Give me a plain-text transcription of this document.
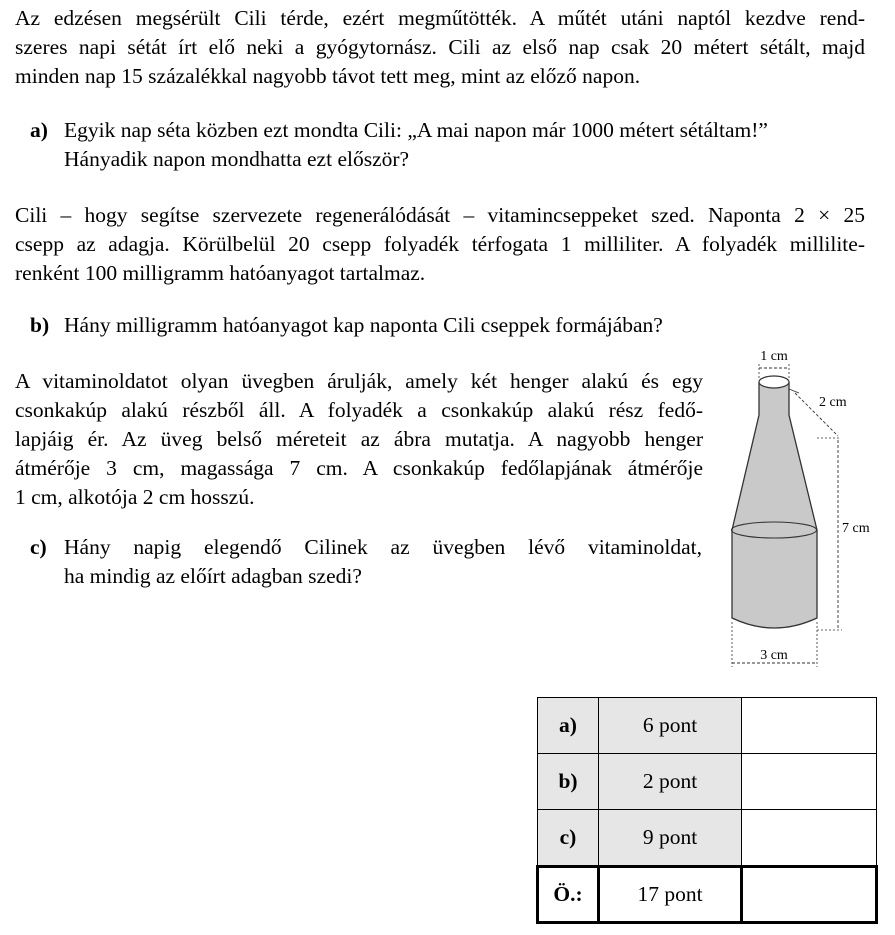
Az edzésen megsérült Cili térde, ezért megműtötték. A műtét utáni naptól kezdve rend-
szeres napi sétát írt elő neki a gyógytornász. Cili az első nap csak 20 métert sétált, majd
minden nap 15 százalékkal nagyobb távot tett meg, mint az előző napon.
a) Egyik nap séta közben ezt mondta Cili: „A mai napon már 1000 métert sétáltam!”
Hányadik napon mondhatta ezt először?
Cili – hogy segítse szervezete regenerálódását – vitamincseppeket szed. Naponta 2 × 25
csepp az adagja. Körülbelül 20 csepp folyadék térfogata 1 milliliter. A folyadék millilite-
renként 100 milligramm hatóanyagot tartalmaz.
b) Hány milligramm hatóanyagot kap naponta Cili cseppek formájában?
A vitaminoldatot olyan üvegben árulják, amely két henger alakú és egy
csonkakúp alakú részből áll. A folyadék a csonkakúp alakú rész fedő-
lapjáig ér. Az üveg belső méreteit az ábra mutatja. A nagyobb henger
átmérője 3 cm, magassága 7 cm. A csonkakúp fedőlapjának átmérője
1 cm, alkotója 2 cm hosszú.
c) Hány napig elegendő Cilinek az üvegben lévő vitaminoldat,
ha mindig az előírt adagban szedi?
1 cm
2 cm
7 cm
3 cm
a)	6 pont	
b)	2 pont	
c)	9 pont	
Ö.:	17 pont	
